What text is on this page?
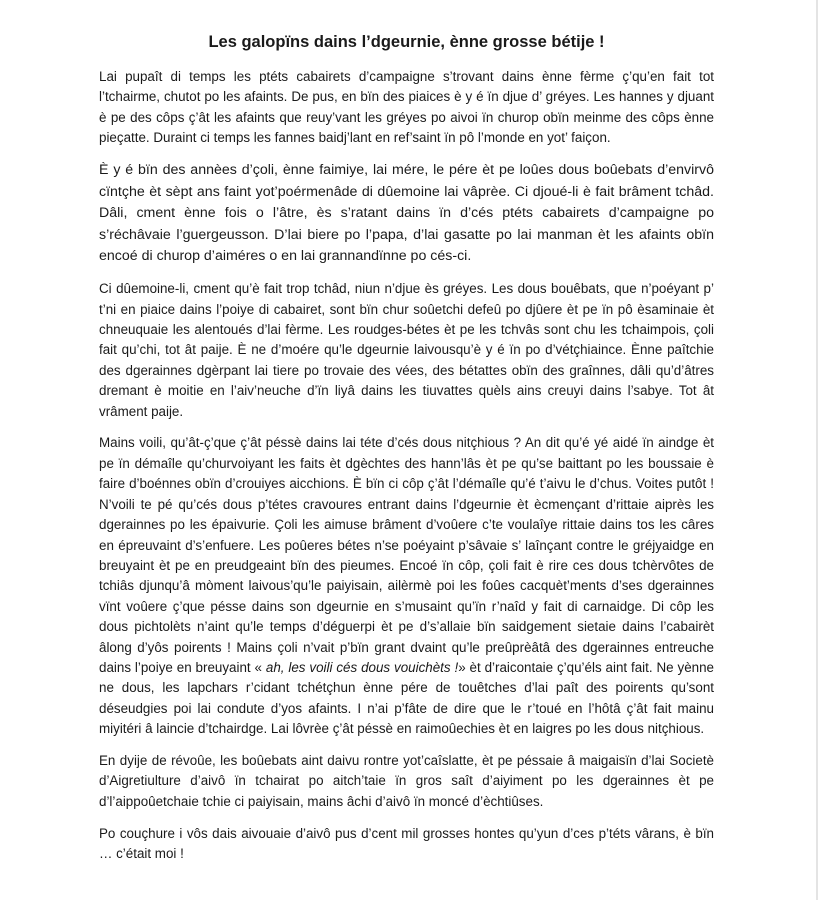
Les galopïns dains l’dgeurnie, ènne grosse bétije !

Lai pupaît di temps les ptéts cabairets d’campaigne s’trovant dains ènne fèrme ç’qu’en fait tot l’tchairme, chutot po les afaints. De pus, en bïn des piaices è y é ïn djue d’ gréyes. Les hannes y djuant è pe des côps ç’ât les afaints que reuy’vant les gréyes po aivoi ïn churop obïn meinme des côps ènne pieçatte. Duraint ci temps les fannes baidj’lant en ref’saint ïn pô l’monde en yot’ faiçon.

È y é bïn des annèes d’çoli, ènne faimiye, lai mére, le pére èt pe loûes dous boûebats d’envirvô cïntçhe èt sèpt ans faint yot’poérmenâde di dûemoine lai vâprèe. Ci djoué-li è fait brâment tchâd. Dâli, cment ènne fois o l’âtre, ès s’ratant dains ïn d’cés ptéts cabairets d’campaigne po s’réchâvaie l’guergeusson. D’lai biere po l’papa, d’lai gasatte po lai manman èt les afaints obïn encoé di churop d’aiméres o en lai grannandïnne po cés-ci.

Ci dûemoine-li, cment qu’è fait trop tchâd, niun n’djue ès gréyes. Les dous bouêbats, que n’poéyant p’ t’ni en piaice dains l’poiye di cabairet, sont bïn chur soûetchi defeû po djûere èt pe ïn pô èsaminaie èt chneuquaie les alentoués d’lai fèrme. Les roudges-bétes èt pe les tchvâs sont chu les tchaimpois, çoli fait qu’chi, tot ât paije. È ne d’moére qu’le dgeurnie laivousqu’è y é ïn po d’vétçhiaince. Ènne paîtchie des dgerainnes dgèrpant lai tiere po trovaie des vées, des bétattes obïn des graînnes, dâli qu’d’âtres dremant è moitie en l’aiv’neuche d’ïn liyâ dains les tiuvattes quèls ains creuyi dains l’sabye. Tot ât vrâment paije.

Mains voili, qu’ât-ç’que ç’ât péssè dains lai téte d’cés dous nitçhious ? An dit qu’é yé aidé ïn aindge èt pe ïn démaîle qu’churvoiyant les faits èt dgèchtes des hann’lâs èt pe qu’se baittant po les boussaie è faire d’boénnes obïn d’crouiyes aicchions. È bïn ci côp ç’ât l’démaîle qu’é t’aivu le d’chus. Voites putôt ! N’voili te pé qu’cés dous p’tétes cravoures entrant dains l’dgeurnie èt ècmençant d’rittaie aiprès les dgerainnes po les épaivurie. Çoli les aimuse brâment d’voûere c’te voulaîye rittaie dains tos les câres en épreuvaint d’s’enfuere. Les poûeres bétes n’se poéyaint p’sâvaie s’ laînçant contre le gréjyaidge en breuyaint èt pe en preudgeaint bïn des pieumes. Encoé ïn côp, çoli fait è rire ces dous tchèrvôtes de tchiâs djunqu’â mòment laivous’qu’le paiyisain, ailèrmè poi les foûes cacquèt’ments d’ses dgerainnes vïnt voûere ç’que pésse dains son dgeurnie en s’musaint qu’ïn r’naîd y fait di carnaidge. Di côp les dous pichtolèts n’aint qu’le temps d’déguerpi èt pe d’s’allaie bïn saidgement sietaie dains l’cabairèt âlong d’yôs poirents ! Mains çoli n’vait p’bïn grant dvaint qu’le preûprèâtâ des dgerainnes entreuche dains l’poiye en breuyaint « ah, les voili cés dous vouichèts !» èt d’raicontaie ç’qu’éls aint fait. Ne yènne ne dous, les lapchars r’cidant tchétçhun ènne pére de touêtches d’lai paît des poirents qu’sont déseudgies poi lai condute d’yos afaints. I n’ai p’fâte de dire que le r’toué en l’hôtâ ç’ât fait mainu miyitéri â laincie d’tchairdge. Lai lôvrèe ç’ât péssè en raimoûechies èt en laigres po les dous nitçhious.

En dyije de révoûe, les boûebats aint daivu rontre yot’caîslatte, èt pe péssaie â maigaisïn d’lai Societè d’Aigretiulture d’aivô ïn tchairat po aitch’taie ïn gros saît d’aiyiment po les dgerainnes èt pe d’l’aippoûetchaie tchie ci paiyisain, mains âchi d’aivô ïn moncé d’èchtiûses.

Po couçhure i vôs dais aivouaie d’aivô pus d’cent mil grosses hontes qu’yun d’ces p’téts vârans, è bïn … c’était moi !
